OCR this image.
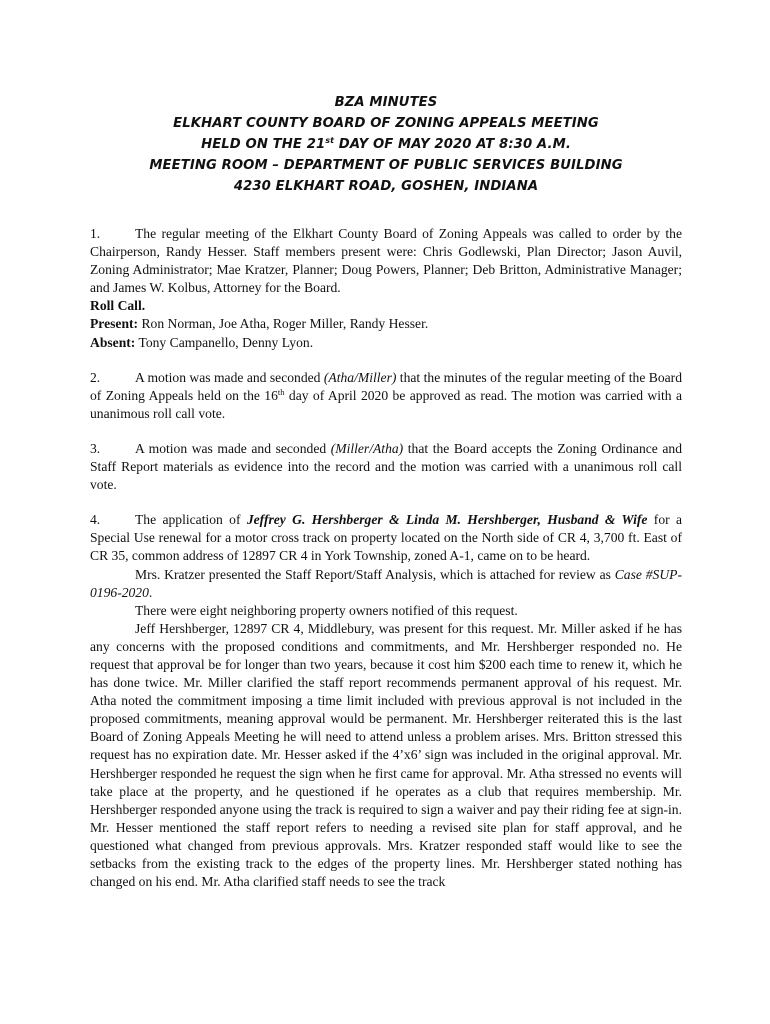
BZA MINUTES
ELKHART COUNTY BOARD OF ZONING APPEALS MEETING
HELD ON THE 21st DAY OF MAY 2020 AT 8:30 A.M.
MEETING ROOM – DEPARTMENT OF PUBLIC SERVICES BUILDING
4230 ELKHART ROAD, GOSHEN, INDIANA

1.	The regular meeting of the Elkhart County Board of Zoning Appeals was called to order by the Chairperson, Randy Hesser. Staff members present were: Chris Godlewski, Plan Director; Jason Auvil, Zoning Administrator; Mae Kratzer, Planner; Doug Powers, Planner; Deb Britton, Administrative Manager; and James W. Kolbus, Attorney for the Board.

Roll Call.

Present: Ron Norman, Joe Atha, Roger Miller, Randy Hesser.

Absent: Tony Campanello, Denny Lyon.

2.	A motion was made and seconded (Atha/Miller) that the minutes of the regular meeting of the Board of Zoning Appeals held on the 16th day of April 2020 be approved as read. The motion was carried with a unanimous roll call vote.

3.	A motion was made and seconded (Miller/Atha) that the Board accepts the Zoning Ordinance and Staff Report materials as evidence into the record and the motion was carried with a unanimous roll call vote.

4.	The application of Jeffrey G. Hershberger & Linda M. Hershberger, Husband & Wife for a Special Use renewal for a motor cross track on property located on the North side of CR 4, 3,700 ft. East of CR 35, common address of 12897 CR 4 in York Township, zoned A-1, came on to be heard.

Mrs. Kratzer presented the Staff Report/Staff Analysis, which is attached for review as Case #SUP-0196-2020.

There were eight neighboring property owners notified of this request.

Jeff Hershberger, 12897 CR 4, Middlebury, was present for this request. Mr. Miller asked if he has any concerns with the proposed conditions and commitments, and Mr. Hershberger responded no. He request that approval be for longer than two years, because it cost him $200 each time to renew it, which he has done twice. Mr. Miller clarified the staff report recommends permanent approval of his request. Mr. Atha noted the commitment imposing a time limit included with previous approval is not included in the proposed commitments, meaning approval would be permanent. Mr. Hershberger reiterated this is the last Board of Zoning Appeals Meeting he will need to attend unless a problem arises. Mrs. Britton stressed this request has no expiration date. Mr. Hesser asked if the 4’x6’ sign was included in the original approval. Mr. Hershberger responded he request the sign when he first came for approval. Mr. Atha stressed no events will take place at the property, and he questioned if he operates as a club that requires membership. Mr. Hershberger responded anyone using the track is required to sign a waiver and pay their riding fee at sign-in. Mr. Hesser mentioned the staff report refers to needing a revised site plan for staff approval, and he questioned what changed from previous approvals. Mrs. Kratzer responded staff would like to see the setbacks from the existing track to the edges of the property lines. Mr. Hershberger stated nothing has changed on his end. Mr. Atha clarified staff needs to see the track
